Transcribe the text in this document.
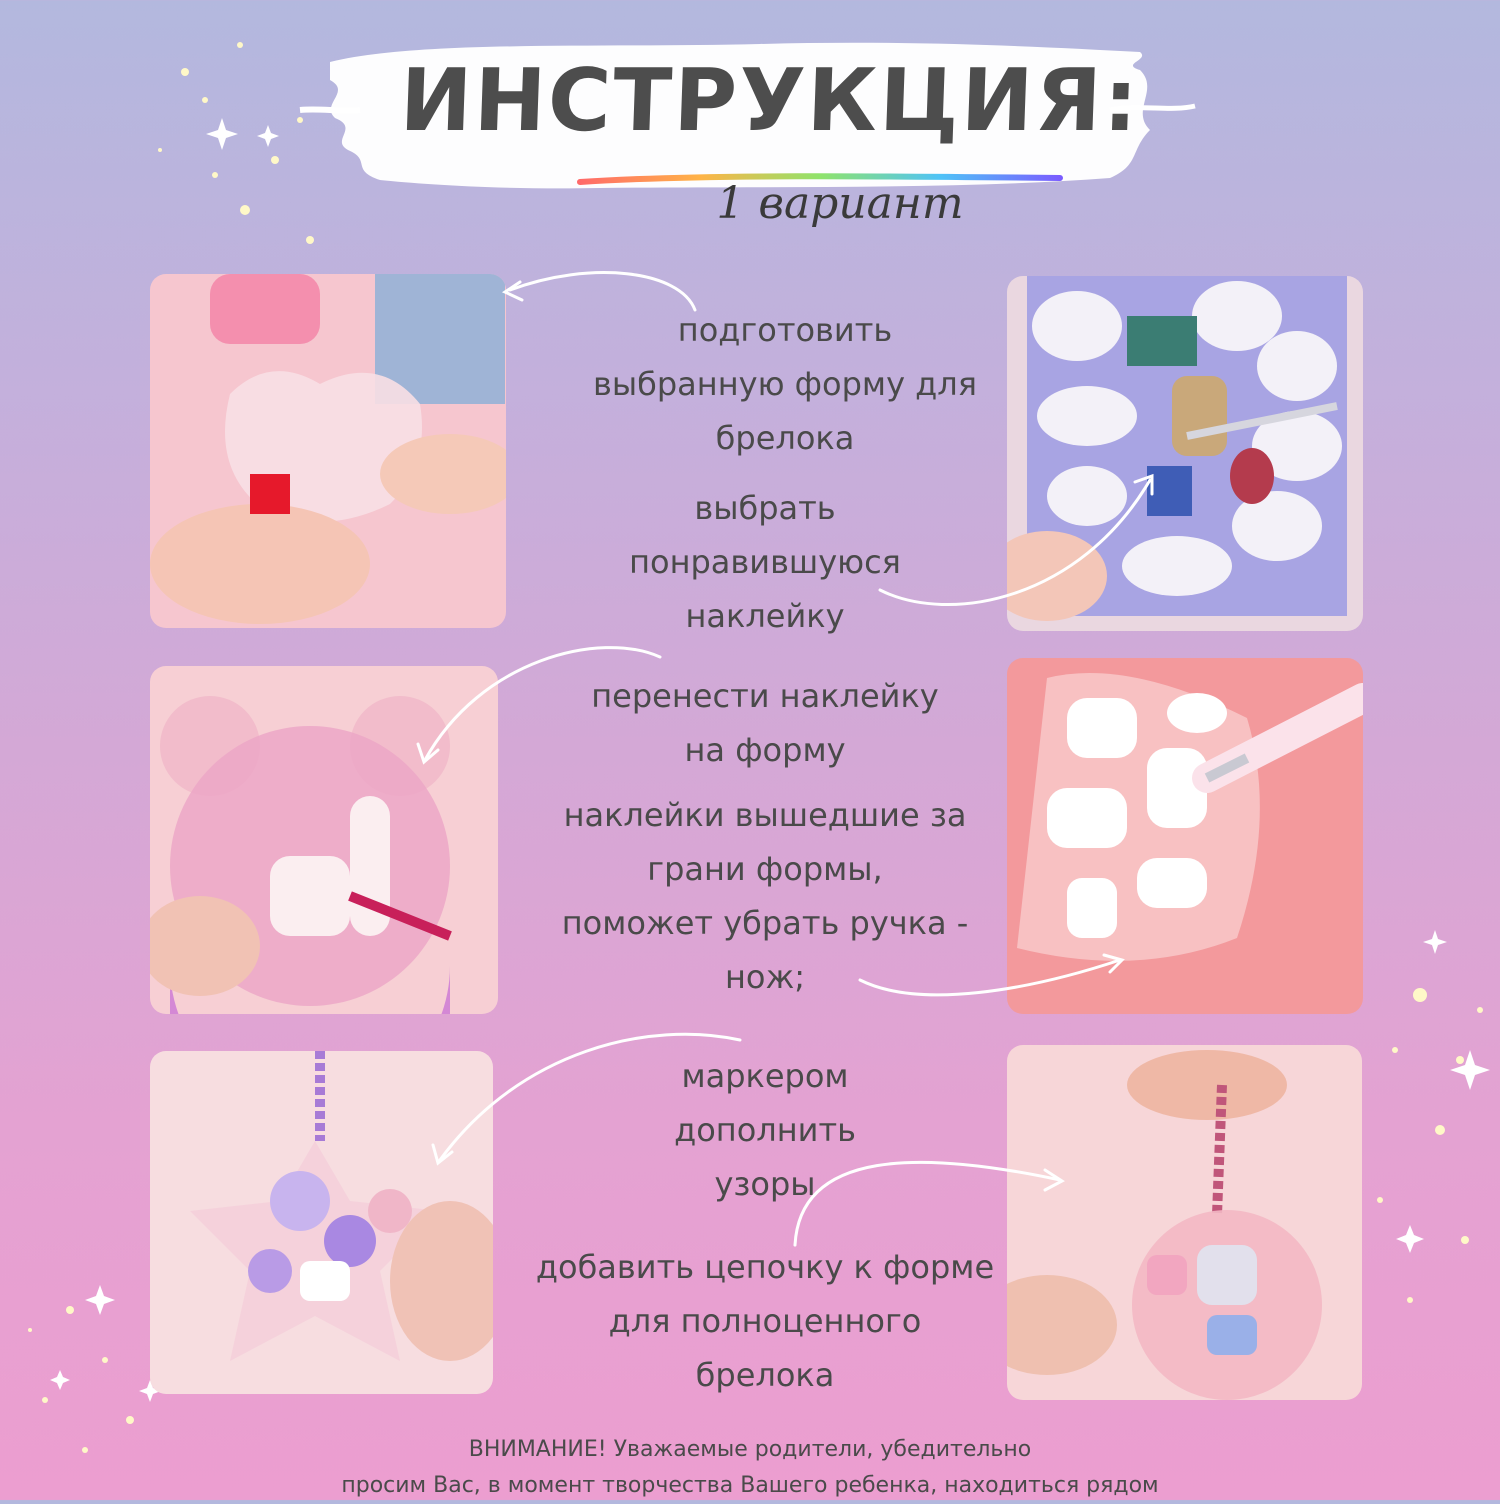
ИНСТРУКЦИЯ:
1 вариант
подготовить
выбранную форму для
брелока
выбрать
понравившуюся
наклейку
перенести наклейку
на форму
наклейки вышедшие за
грани формы,
поможет убрать ручка -
нож;
маркером
дополнить
узоры
добавить цепочку к форме
для полноценного
брелока
ВНИМАНИЕ! Уважаемые родители, убедительно
просим Вас, в момент творчества Вашего ребенка, находиться рядом
